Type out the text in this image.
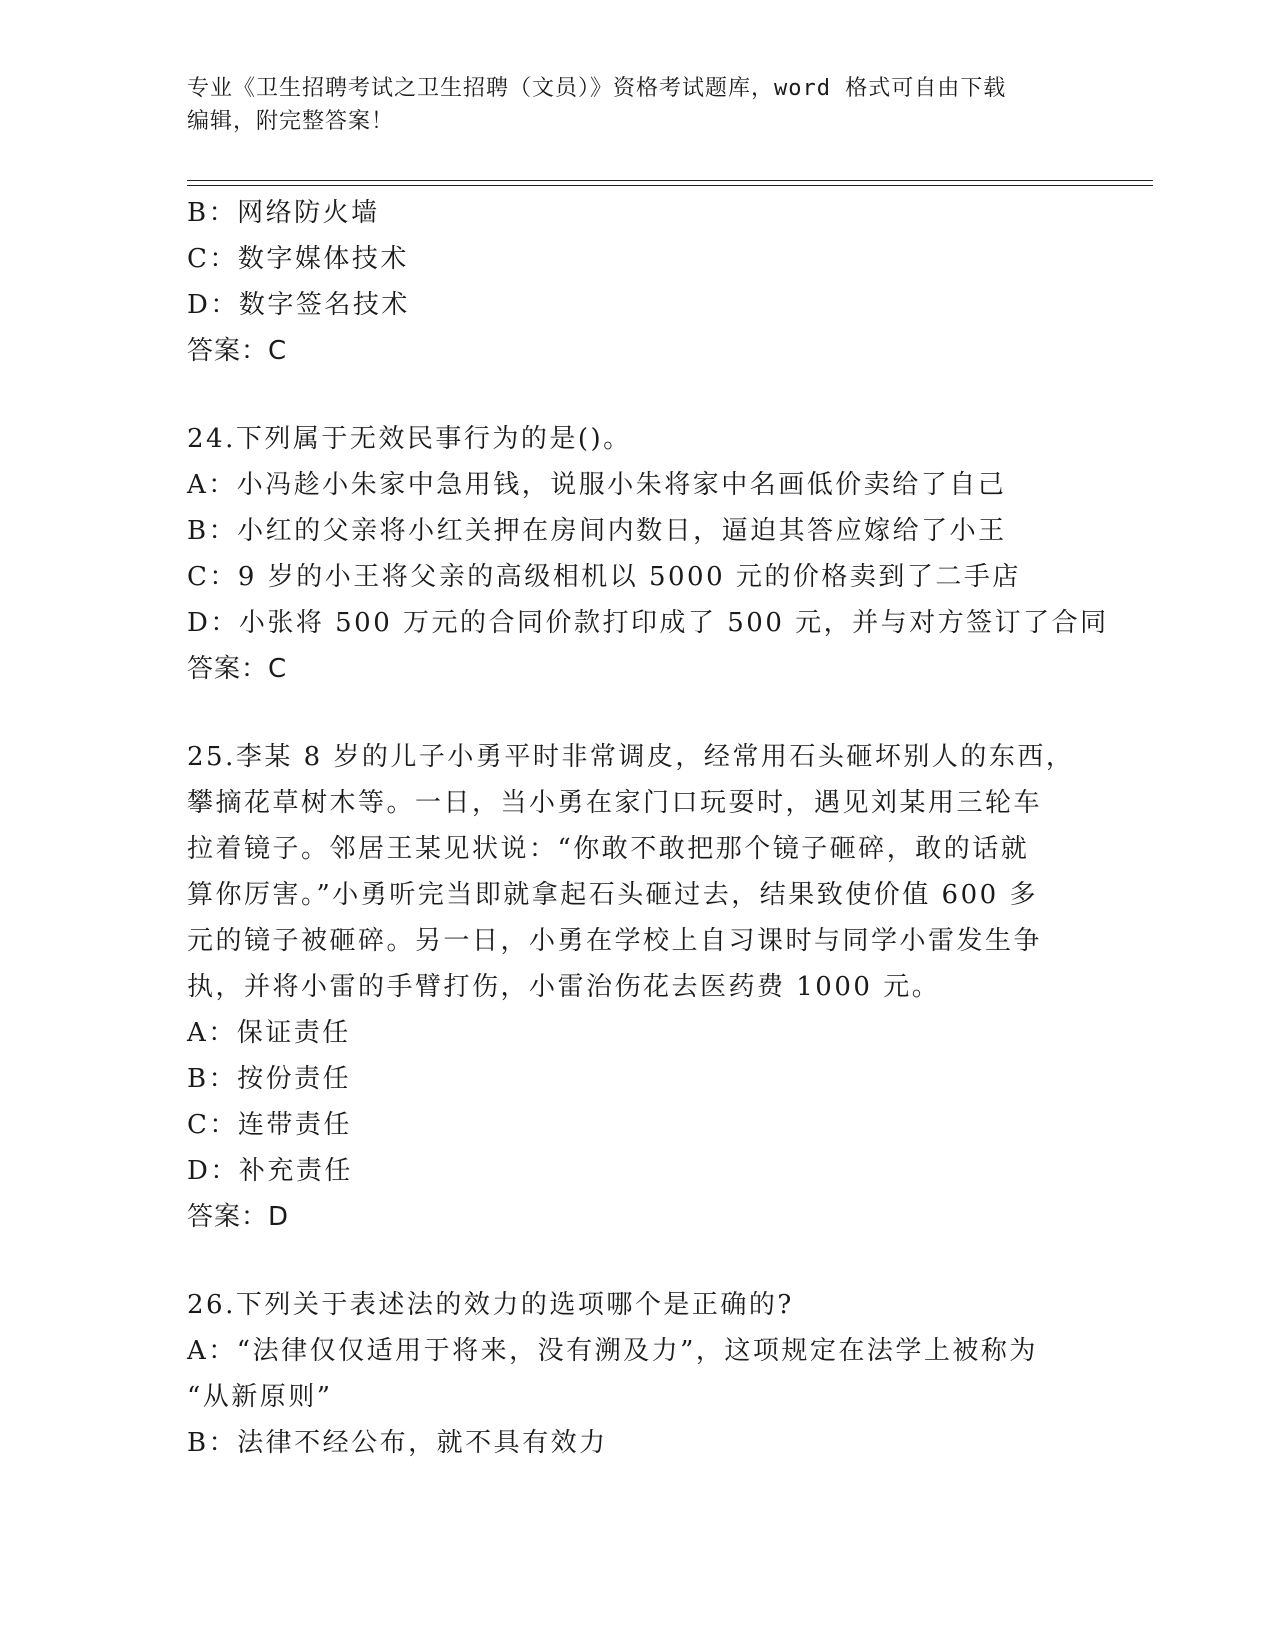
专业《卫生招聘考试之卫生招聘（文员）》资格考试题库，word 格式可自由下载
编辑，附完整答案！
B：网络防火墙
C：数字媒体技术
D：数字签名技术
答案：C
24.下列属于无效民事行为的是()。
A：小冯趁小朱家中急用钱，说服小朱将家中名画低价卖给了自己
B：小红的父亲将小红关押在房间内数日，逼迫其答应嫁给了小王
C：9 岁的小王将父亲的高级相机以 5000 元的价格卖到了二手店
D：小张将 500 万元的合同价款打印成了 500 元，并与对方签订了合同
答案：C
25.李某 8 岁的儿子小勇平时非常调皮，经常用石头砸坏别人的东西，
攀摘花草树木等。一日，当小勇在家门口玩耍时，遇见刘某用三轮车
拉着镜子。邻居王某见状说：“你敢不敢把那个镜子砸碎，敢的话就
算你厉害。”小勇听完当即就拿起石头砸过去，结果致使价值 600 多
元的镜子被砸碎。另一日，小勇在学校上自习课时与同学小雷发生争
执，并将小雷的手臂打伤，小雷治伤花去医药费 1000 元。
A：保证责任
B：按份责任
C：连带责任
D：补充责任
答案：D
26.下列关于表述法的效力的选项哪个是正确的?
A：“法律仅仅适用于将来，没有溯及力”，这项规定在法学上被称为
“从新原则”
B：法律不经公布，就不具有效力
